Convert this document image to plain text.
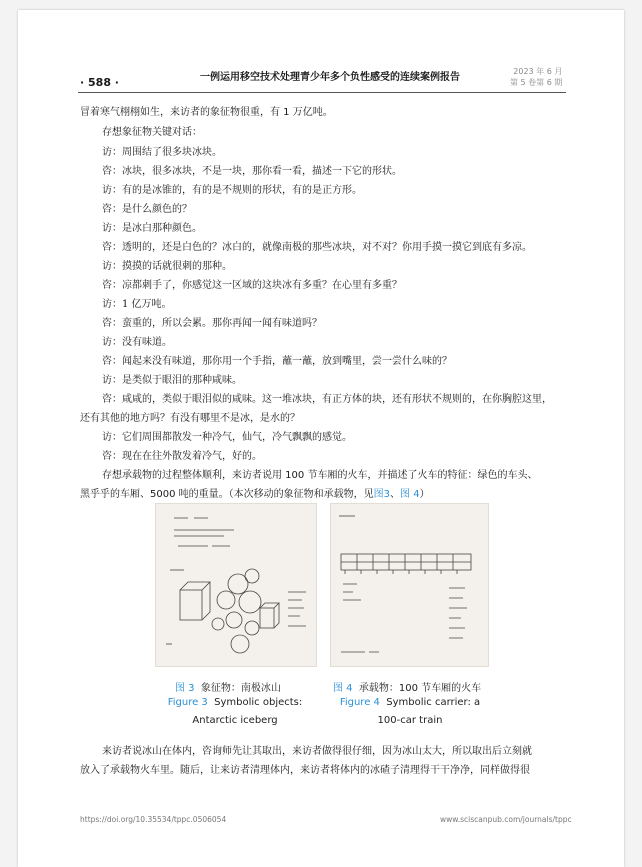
· 588 ·	一例运用移空技术处理青少年多个负性感受的连续案例报告
2023 年 6 月
第 5 卷第 6 期
冒着寒气栩栩如生，来访者的象征物很重，有 1 万亿吨。
存想象征物关键对话：
访：周围结了很多块冰块。
咨：冰块，很多冰块，不是一块，那你看一看，描述一下它的形状。
访：有的是冰锥的，有的是不规则的形状，有的是正方形。
咨：是什么颜色的？
访：是冰白那种颜色。
咨：透明的，还是白色的？冰白的，就像南极的那些冰块，对不对？你用手摸一摸它到底有多凉。
访：摸摸的话就很刺的那种。
咨：凉都刺手了，你感觉这一区域的这块冰有多重？在心里有多重？
访：1 亿万吨。
咨：蛮重的，所以会累。那你再闻一闻有味道吗？
访：没有味道。
咨：闻起来没有味道，那你用一个手指，蘸一蘸，放到嘴里，尝一尝什么味的？
访：是类似于眼泪的那种咸味。
咨：咸咸的，类似于眼泪似的咸味。这一堆冰块，有正方体的块，还有形状不规则的，在你胸腔这里，
还有其他的地方吗？有没有哪里不是冰，是水的？
访：它们周围都散发一种冷气，仙气，冷气飘飘的感觉。
咨：现在在往外散发着冷气，好的。
存想承载物的过程整体顺利，来访者说用 100 节车厢的火车，并描述了火车的特征：绿色的车头、
黑乎乎的车厢、5000 吨的重量。（本次移动的象征物和承载物，见图3、图 4）
图 3 象征物：南极冰山
Figure 3 Symbolic objects:
Antarctic iceberg
图 4 承载物：100 节车厢的火车
Figure 4 Symbolic carrier: a
100-car train
来访者说冰山在体内，咨询师先让其取出，来访者做得很仔细，因为冰山太大，所以取出后立刻就
放入了承载物火车里。随后，让来访者清理体内，来访者将体内的冰碴子清理得干干净净，同样做得很
https://doi.org/10.35534/tppc.0506054	www.sciscanpub.com/journals/tppc
